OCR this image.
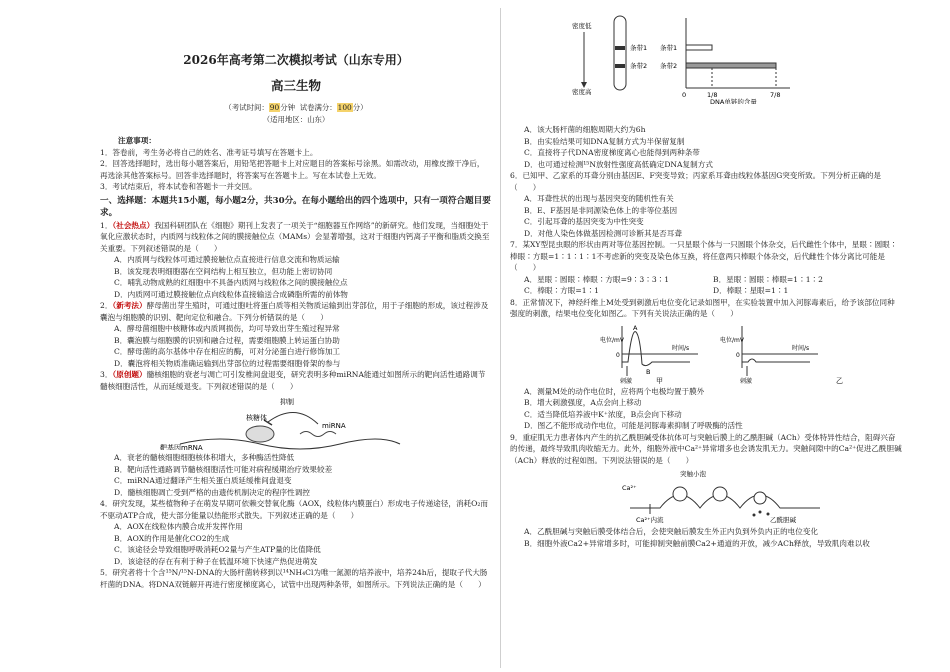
2026年高考第二次模拟考试（山东专用）
高三生物
（考试时间：90分钟 试卷满分：100分）
（适用地区：山东）
注意事项：

1．答卷前，考生务必将自己的姓名、准考证号填写在答题卡上。

2．回答选择题时，选出每小题答案后，用铅笔把答题卡上对应题目的答案标号涂黑。如需改动，用橡皮擦干净后，再选涂其他答案标号。回答非选择题时，将答案写在答题卡上。写在本试卷上无效。

3．考试结束后，将本试卷和答题卡一并交回。

一、选择题：本题共15小题，每小题2分，共30分。在每小题给出的四个选项中，只有一项符合题目要求。

1．（社会热点）我国科研团队在《细胞》期刊上发表了一项关于“细胞器互作网络”的新研究。他们发现，当细胞处于氧化应激状态时，内质网与线粒体之间的膜接触位点（MAMs）会显著增强，这对于细胞内钙离子平衡和脂质交换至关重要。下列叙述错误的是（　　）

A．内质网与线粒体可通过膜接触位点直接进行信息交流和物质运输

B．该发现表明细胞器在空间结构上相互独立，但功能上密切协同

C．哺乳动物成熟的红细胞中不具备内质网与线粒体之间的膜接触位点

D．内质网可通过膜接触位点向线粒体直接输送合成磷脂所需的前体物

2．（新考法）酵母菌出芽生殖时，可通过胞吐将蛋白质等相关物质运输到出芽部位，用于子细胞的形成，该过程涉及囊泡与细胞膜的识别、靶向定位和融合。下列分析错误的是（　　）

A．酵母菌细胞中核糖体或内质网损伤，均可导致出芽生殖过程异常

B．囊泡膜与细胞膜的识别和融合过程，需要细胞膜上转运蛋白协助

C．酵母菌的高尔基体中存在相应的酶，可对分泌蛋白进行修饰加工

D．囊泡将相关物质准确运输到出芽部位的过程需要细胞骨架的参与

3．（原创题）髓核细胞的衰老与凋亡可引发椎间盘退变，研究表明多种miRNA能通过如图所示的靶向活性通路调节髓核细胞活性，从而延缓退变。下列叙述错误的是（　　）

抑制
核糖体
miRNA
靶基因mRNA

A．衰老的髓核细胞细胞核体积增大，多种酶活性降低

B．靶向活性通路调节髓核细胞活性可能对病程缓期治疗效果较差

C．miRNA通过翻译产生相关蛋白质延缓椎间盘退变

D．髓核细胞凋亡受到严格的由遗传机制决定的程序性调控

4．研究发现，某些植物种子在萌发早期可依赖交替氧化酶（AOX，线粒体内膜蛋白）形成电子传递途径，消耗O₂而不驱动ATP合成，使大部分能量以热能形式散失。下列叙述正确的是（　　）

A．AOX在线粒体内膜合成并发挥作用

B．AOX的作用是催化CO2的生成

C．该途径会导致细胞呼吸消耗O2量与产生ATP量的比值降低

D．该途径的存在有利于种子在低温环境下快速产热促进萌发

5．研究者将十个含¹⁵N/¹⁵N-DNA的大肠杆菌转移到以¹⁴NH₄Cl为唯一氮源的培养液中，培养24h后，提取子代大肠杆菌的DNA。将DNA双链解开再进行密度梯度离心，试管中出现两种条带，如图所示。下列说法正确的是（　　）

密度低
密度高
条带1
条带2
条带1
条带2
0	1/8	7/8
DNA单链的含量

A．该大肠杆菌的细胞周期大约为6h

B．由实验结果可知DNA复制方式为半保留复制

C．直接将子代DNA密度梯度离心也能得到两种条带

D．也可通过检测¹⁵N放射性强度高低确定DNA复制方式

6．已知甲、乙家系的耳聋分别由基因E、F突变导致；丙家系耳聋由线粒体基因G突变所致。下列分析正确的是（　　）

A．耳聋性状的出现与基因突变的随机性有关

B．E、F基因是非同源染色体上的非等位基因

C．引起耳聋的基因突变为中性突变

D．对他人染色体做基因检测可诊断其是否耳聋

7．某XY型昆虫眼的形状由两对等位基因控制。一只星眼个体与一只圆眼个体杂交，后代雌性个体中，星眼∶圆眼∶棒眼∶方眼=1∶1∶1∶1不考虑新的突变及染色体互换，将任意两只棒眼个体杂交，后代雌性个体分离比可能是（　　）

A．星眼∶圆眼∶棒眼∶方眼=9∶3∶3∶1	B．星眼∶圆眼∶棒眼=1∶1∶2
C．棒眼∶方眼=1∶1	D．棒眼∶星眼=1∶1

8．正常情况下，神经纤维上M处受到刺激后电位变化记录如图甲，在实验装置中加入河豚毒素后，给予该部位同种强度的刺激，结果电位变化如图乙。下列有关说法正确的是（　　）

电位/mV
0
时间/s
A
B
刺激	甲
电位/mV
0
时间/s
刺激	乙

A．测量M处的动作电位时，应将两个电极均置于膜外

B．增大刺激强度，A点会向上移动

C．适当降低培养液中K⁺浓度，B点会向下移动

D．图乙不能形成动作电位，可能是河豚毒素抑制了呼吸酶的活性

9．重症肌无力患者体内产生的抗乙酰胆碱受体抗体可与突触后膜上的乙酰胆碱（ACh）受体特异性结合，阻碍兴奋的传递，最终导致肌肉收缩无力。此外，细胞外液中Ca²⁺异常增多也会诱发肌无力。突触间隙中的Ca²⁺促进乙酰胆碱（ACh）释放的过程如图。下列说法错误的是（　　）

突触小泡
Ca²⁺
Ca²⁺内流	乙酰胆碱

A．乙酰胆碱与突触后膜受体结合后，会使突触后膜发生外正内负到外负内正的电位变化

B．细胞外液Ca2+异常增多时，可能抑制突触前膜Ca2+通道的开放，减少ACh释放，导致肌肉难以收
